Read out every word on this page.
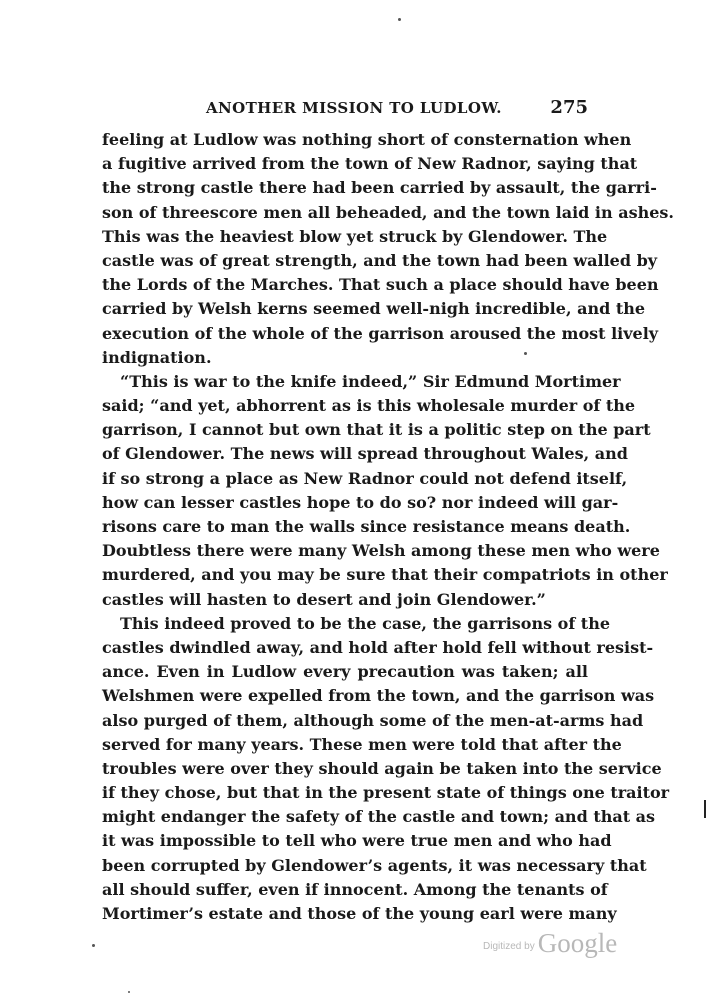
ANOTHER MISSION TO LUDLOW.	275
feeling at Ludlow was nothing short of consternation when
a fugitive arrived from the town of New Radnor, saying that
the strong castle there had been carried by assault, the garri-
son of threescore men all beheaded, and the town laid in ashes.
This was the heaviest blow yet struck by Glendower. The
castle was of great strength, and the town had been walled by
the Lords of the Marches. That such a place should have been
carried by Welsh kerns seemed well-nigh incredible, and the
execution of the whole of the garrison aroused the most lively
indignation.
“This is war to the knife indeed,” Sir Edmund Mortimer
said; “and yet, abhorrent as is this wholesale murder of the
garrison, I cannot but own that it is a politic step on the part
of Glendower. The news will spread throughout Wales, and
if so strong a place as New Radnor could not defend itself,
how can lesser castles hope to do so? nor indeed will gar-
risons care to man the walls since resistance means death.
Doubtless there were many Welsh among these men who were
murdered, and you may be sure that their compatriots in other
castles will hasten to desert and join Glendower.”
This indeed proved to be the case, the garrisons of the
castles dwindled away, and hold after hold fell without resist-
ance. Even in Ludlow every precaution was taken; all
Welshmen were expelled from the town, and the garrison was
also purged of them, although some of the men-at-arms had
served for many years. These men were told that after the
troubles were over they should again be taken into the service
if they chose, but that in the present state of things one traitor
might endanger the safety of the castle and town; and that as
it was impossible to tell who were true men and who had
been corrupted by Glendower’s agents, it was necessary that
all should suffer, even if innocent. Among the tenants of
Mortimer’s estate and those of the young earl were many
Digitized by Google
